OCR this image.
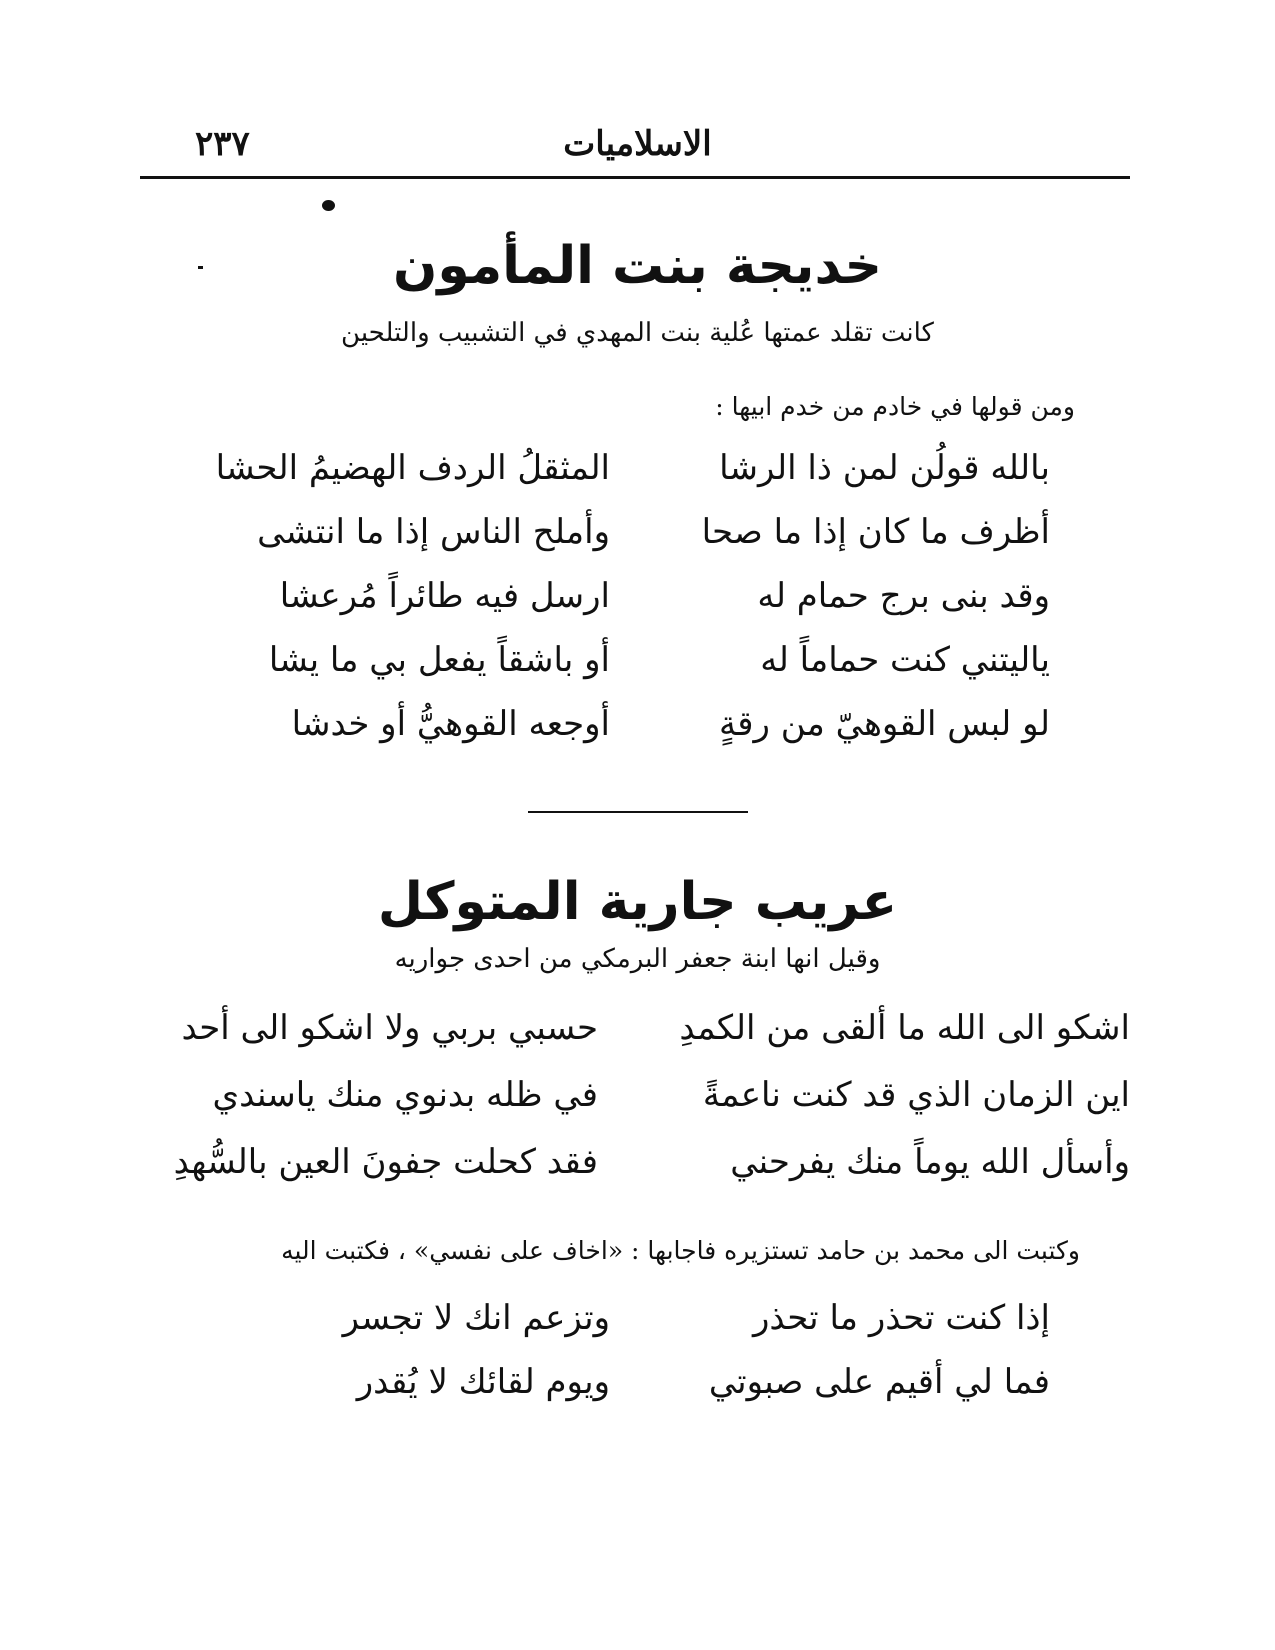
الاسلاميات
٢٣٧
خديجة بنت المأمون
كانت تقلد عمتها عُلية بنت المهدي في التشبيب والتلحين
ومن قولها في خادم من خدم ابيها :
بالله قولُن لمن ذا الرشا
المثقلُ الردف الهضيمُ الحشا
أظرف ما كان إذا ما صحا
وأملح الناس إذا ما انتشى
وقد بنى برج حمام له
ارسل فيه طائراً مُرعشا
ياليتني كنت حماماً له
أو باشقاً يفعل بي ما يشا
لو لبس القوهيّ من رقةٍ
أوجعه القوهيُّ أو خدشا
عريب جارية المتوكل
وقيل انها ابنة جعفر البرمكي من احدى جواريه
اشكو الى الله ما ألقى من الكمدِ
حسبي بربي ولا اشكو الى أحد
اين الزمان الذي قد كنت ناعمةً
في ظله بدنوي منك ياسندي
وأسأل الله يوماً منك يفرحني
فقد كحلت جفونَ العين بالسُّهدِ
وكتبت الى محمد بن حامد تستزيره فاجابها : «اخاف على نفسي» ، فكتبت اليه
إذا كنت تحذر ما تحذر
وتزعم انك لا تجسر
فما لي أقيم على صبوتي
ويوم لقائك لا يُقدر
